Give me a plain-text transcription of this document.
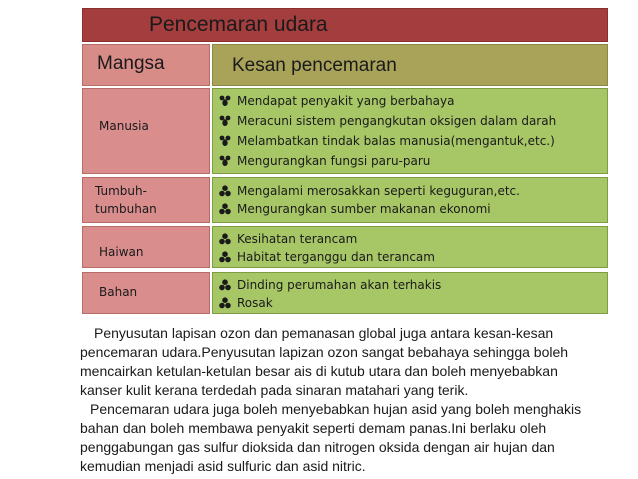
Pencemaran udara
Mangsa	Kesan pencemaran
Manusia
Mendapat penyakit yang berbahaya
Meracuni sistem pengangkutan oksigen dalam darah
Melambatkan tindak balas manusia(mengantuk,etc.)
Mengurangkan fungsi paru-paru
Tumbuh-
tumbuhan
Mengalami merosakkan seperti keguguran,etc.
Mengurangkan sumber makanan ekonomi
Haiwan
Kesihatan terancam
Habitat terganggu dan terancam
Bahan	Dinding perumahan akan terhakis
Rosak
Penyusutan lapisan ozon dan pemanasan global juga antara kesan-kesan
pencemaran udara.Penyusutan lapizan ozon sangat bebahaya sehingga boleh
mencairkan ketulan-ketulan besar ais di kutub utara dan boleh menyebabkan
kanser kulit kerana terdedah pada sinaran matahari yang terik.
Pencemaran udara juga boleh menyebabkan hujan asid yang boleh menghakis
bahan dan boleh membawa penyakit seperti demam panas.Ini berlaku oleh
penggabungan gas sulfur dioksida dan nitrogen oksida dengan air hujan dan
kemudian menjadi asid sulfuric dan asid nitric.
